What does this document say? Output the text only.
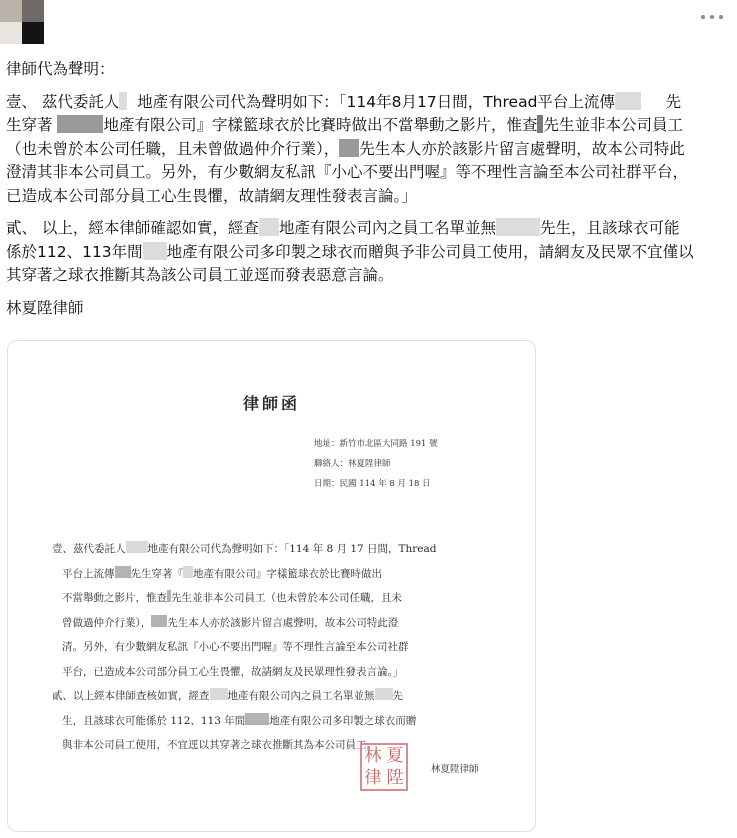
律師代為聲明：

壹、 茲代委託人 地產有限公司代為聲明如下：「114年8月17日間，Thread平台上流傳	先
生穿著	地產有限公司』字樣籃球衣於比賽時做出不當舉動之影片，惟查 先生並非本公司員工
（也未曾於本公司任職，且未曾做過仲介行業）， 先生本人亦於該影片留言處聲明，故本公司特此
澄清其非本公司員工。另外，有少數網友私訊『小心不要出門喔』等不理性言論至本公司社群平台，
已造成本公司部分員工心生畏懼，故請網友理性發表言論。」

貳、 以上，經本律師確認如實，經查 地產有限公司內之員工名單並無	先生，且該球衣可能
係於112、113年間 地產有限公司多印製之球衣而贈與予非公司員工使用，請網友及民眾不宜僅以
其穿著之球衣推斷其為該公司員工並逕而發表惡意言論。

林夏陞律師

律師函
地址：新竹市北區大同路 191 號
聯絡人：林夏陞律師
日期：民國 114 年 8 月 18 日
壹、茲代委託人 地產有限公司代為聲明如下：「114 年 8 月 17 日間，Thread
平台上流傳 先生穿著『 地產有限公司』字樣籃球衣於比賽時做出
不當舉動之影片，惟查 先生並非本公司員工（也未曾於本公司任職，且未
曾做過仲介行業）， 先生本人亦於該影片留言處聲明，故本公司特此澄
清。另外，有少數網友私訊『小心不要出門喔』等不理性言論至本公司社群
平台，已造成本公司部分員工心生畏懼，故請網友及民眾理性發表言論。」
貳、以上經本律師查核如實，經查 地產有限公司內之員工名單並無 先
生，且該球衣可能係於 112、113 年間 地產有限公司多印製之球衣而贈
與非本公司員工使用，不宜逕以其穿著之球衣推斷其為本公司員工。
林 夏
律 陞	林夏陞律師
